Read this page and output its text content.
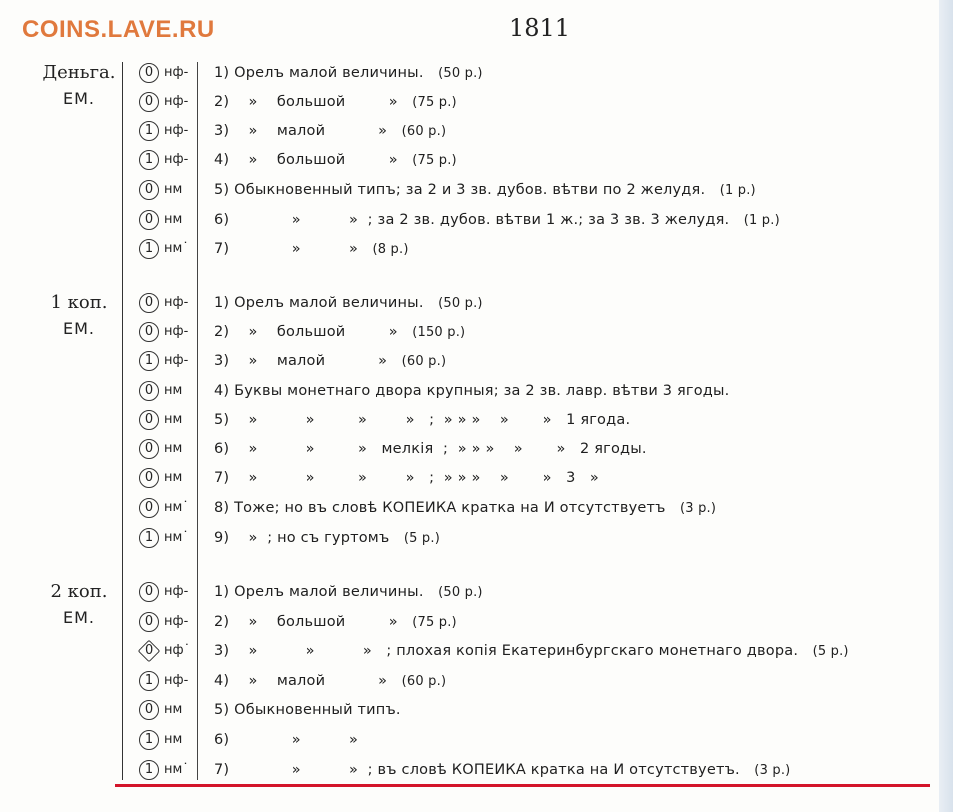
COINS.LAVE.RU	1811
Деньга.
ЕМ.
1 коп.
ЕМ.
2 коп.
ЕМ.
0 нф- 1) Орелъ малой величины. (50 р.)
0 нф- 2)    »    большой         » (75 р.)
1 нф- 3)    »    малой           » (60 р.)
1 нф- 4)    »    большой         » (75 р.)
0 нм 5) Обыкновенный типъ; за 2 и 3 зв. дубов. вѣтви по 2 желудя. (1 р.)
0 нм 6)             »          »  ; за 2 зв. дубов. вѣтви 1 ж.; за 3 зв. 3 желудя. (1 р.)
1 нм˙ 7)             »          » (8 р.)
0 нф- 1) Орелъ малой величины. (50 р.)
0 нф- 2)    »    большой         » (150 р.)
1 нф- 3)    »    малой           » (60 р.)
0 нм 4) Буквы монетнаго двора крупныя; за 2 зв. лавр. вѣтви 3 ягоды.
0 нм 5)    »          »         »        »   ;  » » »    »       »   1 ягода.
0 нм 6)    »          »         »   мелкія  ;  » » »    »       »   2 ягоды.
0 нм 7)    »          »         »        »   ;  » » »    »       »   3   »
0 нм˙ 8) Тоже; но въ словѣ КОПЕИКА кратка на И отсутствуетъ (3 р.)
1 нм˙ 9)    »  ; но съ гуртомъ (5 р.)
0 нф- 1) Орелъ малой величины. (50 р.)
0 нф- 2)    »    большой         » (75 р.)
0 нф˙ 3)    »          »          »   ; плохая копія Екатеринбургскаго монетнаго двора. (5 р.)
1 нф- 4)    »    малой           » (60 р.)
0 нм 5) Обыкновенный типъ.
1 нм 6)             »          »
1 нм˙ 7)             »          »  ; въ словѣ КОПЕИКА кратка на И отсутствуетъ. (3 р.)
